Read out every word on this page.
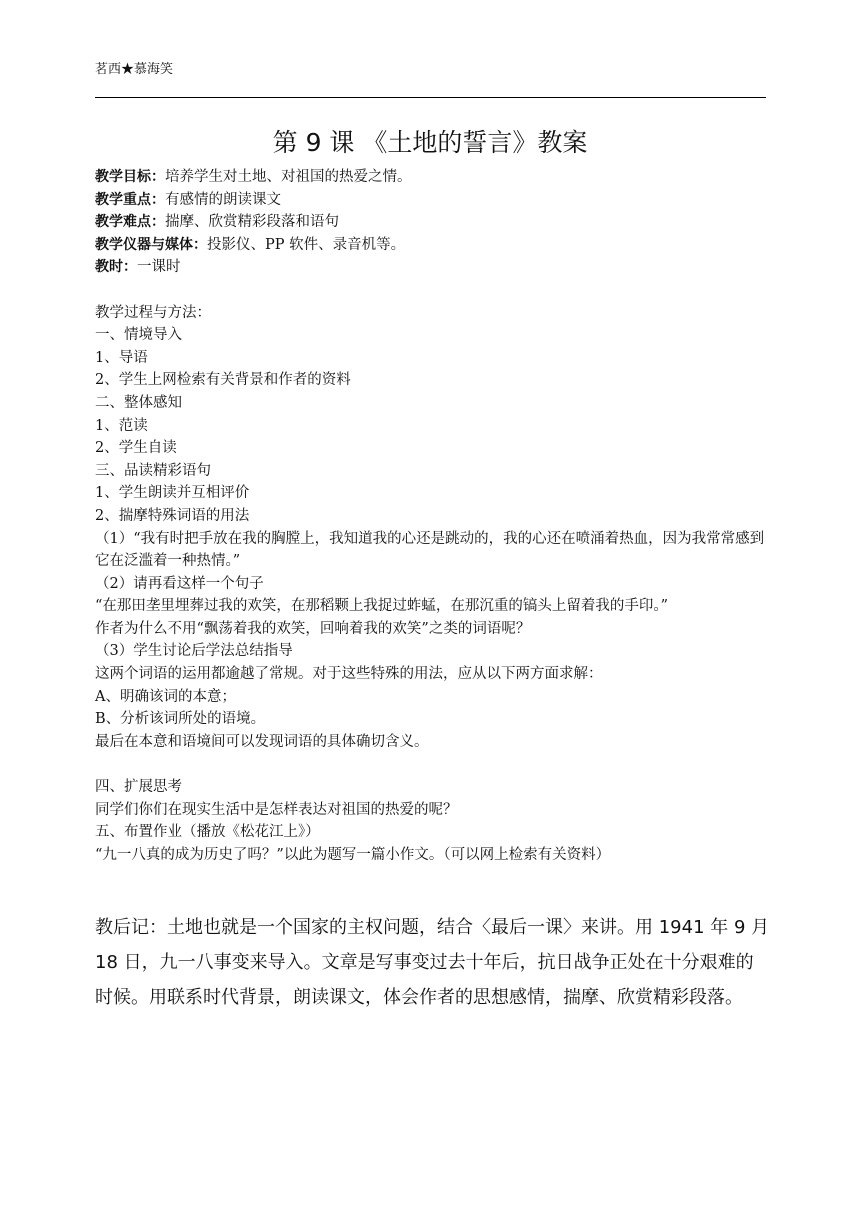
茗西★慕海笑
第 9 课 《土地的誓言》教案
教学目标：培养学生对土地、对祖国的热爱之情。
教学重点：有感情的朗读课文
教学难点：揣摩、欣赏精彩段落和语句
教学仪器与媒体：投影仪、PP 软件、录音机等。
教时：一课时
教学过程与方法：
一、情境导入
1、导语
2、学生上网检索有关背景和作者的资料
二、整体感知
1、范读
2、学生自读
三、品读精彩语句
1、学生朗读并互相评价
2、揣摩特殊词语的用法
（1）“我有时把手放在我的胸膛上，我知道我的心还是跳动的，我的心还在喷涌着热血，因为我常常感到它在泛滥着一种热情。”
（2）请再看这样一个句子
“在那田垄里埋葬过我的欢笑，在那稻颗上我捉过蚱蜢，在那沉重的镐头上留着我的手印。”
作者为什么不用“飘荡着我的欢笑，回响着我的欢笑”之类的词语呢？
（3）学生讨论后学法总结指导
这两个词语的运用都逾越了常规。对于这些特殊的用法，应从以下两方面求解：
A、明确该词的本意；
B、分析该词所处的语境。
最后在本意和语境间可以发现词语的具体确切含义。
四、扩展思考
同学们你们在现实生活中是怎样表达对祖国的热爱的呢？
五、布置作业（播放《松花江上》）
“九一八真的成为历史了吗？”以此为题写一篇小作文。（可以网上检索有关资料）
教后记：土地也就是一个国家的主权问题，结合〈最后一课〉来讲。用 1941 年 9 月 18 日，九一八事变来导入。文章是写事变过去十年后，抗日战争正处在十分艰难的时候。用联系时代背景，朗读课文，体会作者的思想感情，揣摩、欣赏精彩段落。
